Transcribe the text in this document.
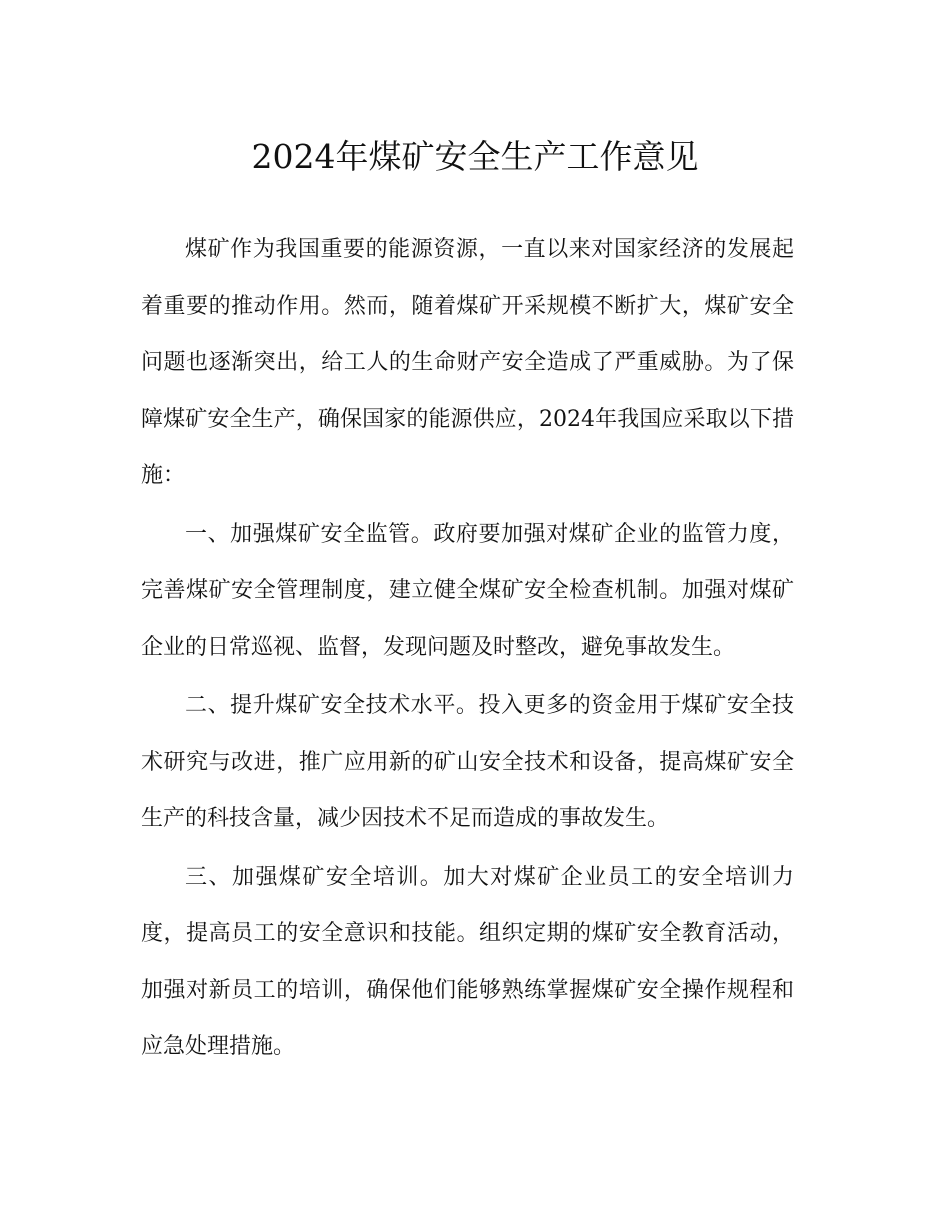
2024年煤矿安全生产工作意见

煤矿作为我国重要的能源资源，一直以来对国家经济的发展起着重要的推动作用。然而，随着煤矿开采规模不断扩大，煤矿安全问题也逐渐突出，给工人的生命财产安全造成了严重威胁。为了保障煤矿安全生产，确保国家的能源供应，2024年我国应采取以下措施：

一、加强煤矿安全监管。政府要加强对煤矿企业的监管力度，完善煤矿安全管理制度，建立健全煤矿安全检查机制。加强对煤矿企业的日常巡视、监督，发现问题及时整改，避免事故发生。

二、提升煤矿安全技术水平。投入更多的资金用于煤矿安全技术研究与改进，推广应用新的矿山安全技术和设备，提高煤矿安全生产的科技含量，减少因技术不足而造成的事故发生。

三、加强煤矿安全培训。加大对煤矿企业员工的安全培训力度，提高员工的安全意识和技能。组织定期的煤矿安全教育活动，加强对新员工的培训，确保他们能够熟练掌握煤矿安全操作规程和应急处理措施。
